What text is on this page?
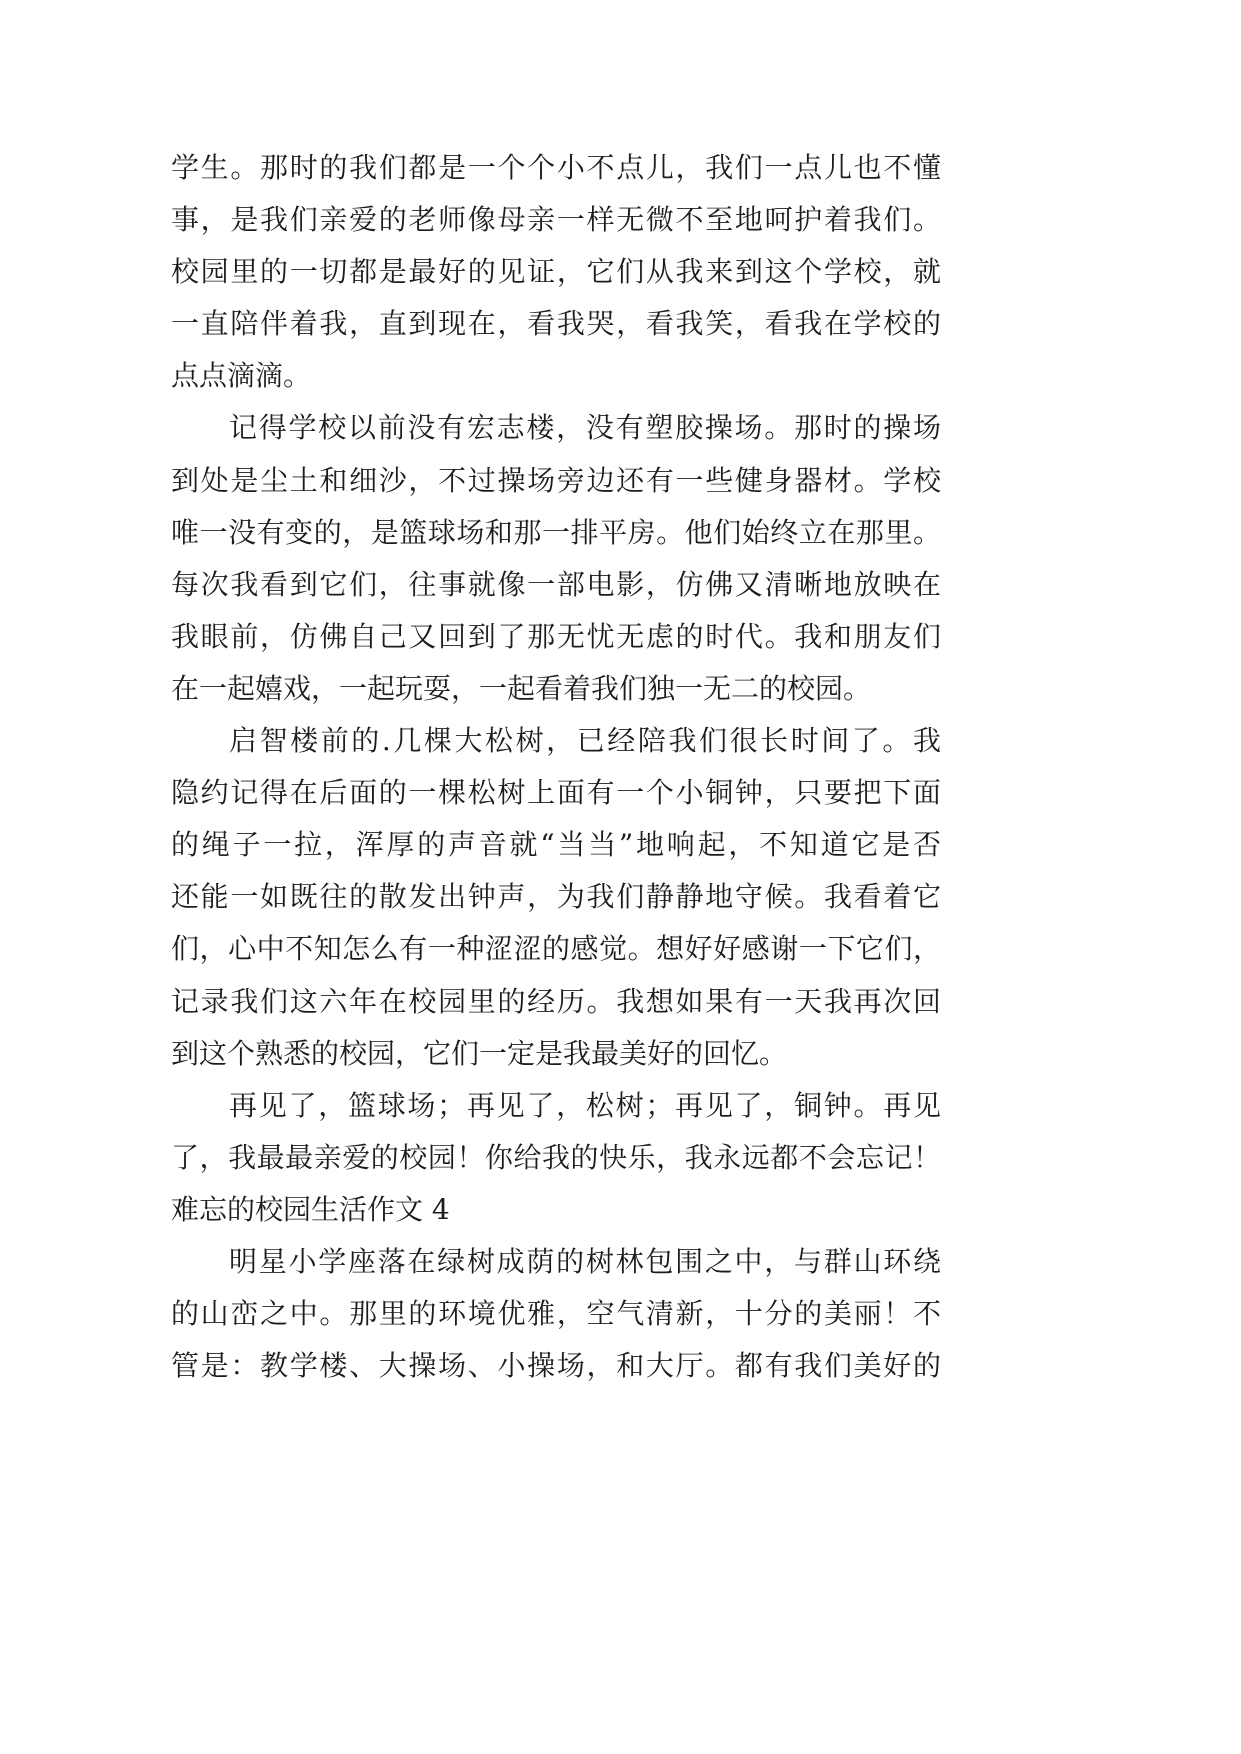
学生。那时的我们都是一个个小不点儿，我们一点儿也不懂
事，是我们亲爱的老师像母亲一样无微不至地呵护着我们。
校园里的一切都是最好的见证，它们从我来到这个学校，就
一直陪伴着我，直到现在，看我哭，看我笑，看我在学校的
点点滴滴。
记得学校以前没有宏志楼，没有塑胶操场。那时的操场
到处是尘土和细沙，不过操场旁边还有一些健身器材。学校
唯一没有变的，是篮球场和那一排平房。他们始终立在那里。
每次我看到它们，往事就像一部电影，仿佛又清晰地放映在
我眼前，仿佛自己又回到了那无忧无虑的时代。我和朋友们
在一起嬉戏，一起玩耍，一起看着我们独一无二的校园。
启智楼前的.几棵大松树，已经陪我们很长时间了。我
隐约记得在后面的一棵松树上面有一个小铜钟，只要把下面
的绳子一拉，浑厚的声音就“当当”地响起，不知道它是否
还能一如既往的散发出钟声，为我们静静地守候。我看着它
们，心中不知怎么有一种涩涩的感觉。想好好感谢一下它们，
记录我们这六年在校园里的经历。我想如果有一天我再次回
到这个熟悉的校园，它们一定是我最美好的回忆。
再见了，篮球场；再见了，松树；再见了，铜钟。再见
了，我最最亲爱的校园！你给我的快乐，我永远都不会忘记！
难忘的校园生活作文 4
明星小学座落在绿树成荫的树林包围之中，与群山环绕
的山峦之中。那里的环境优雅，空气清新，十分的美丽！不
管是：教学楼、大操场、小操场，和大厅。都有我们美好的
